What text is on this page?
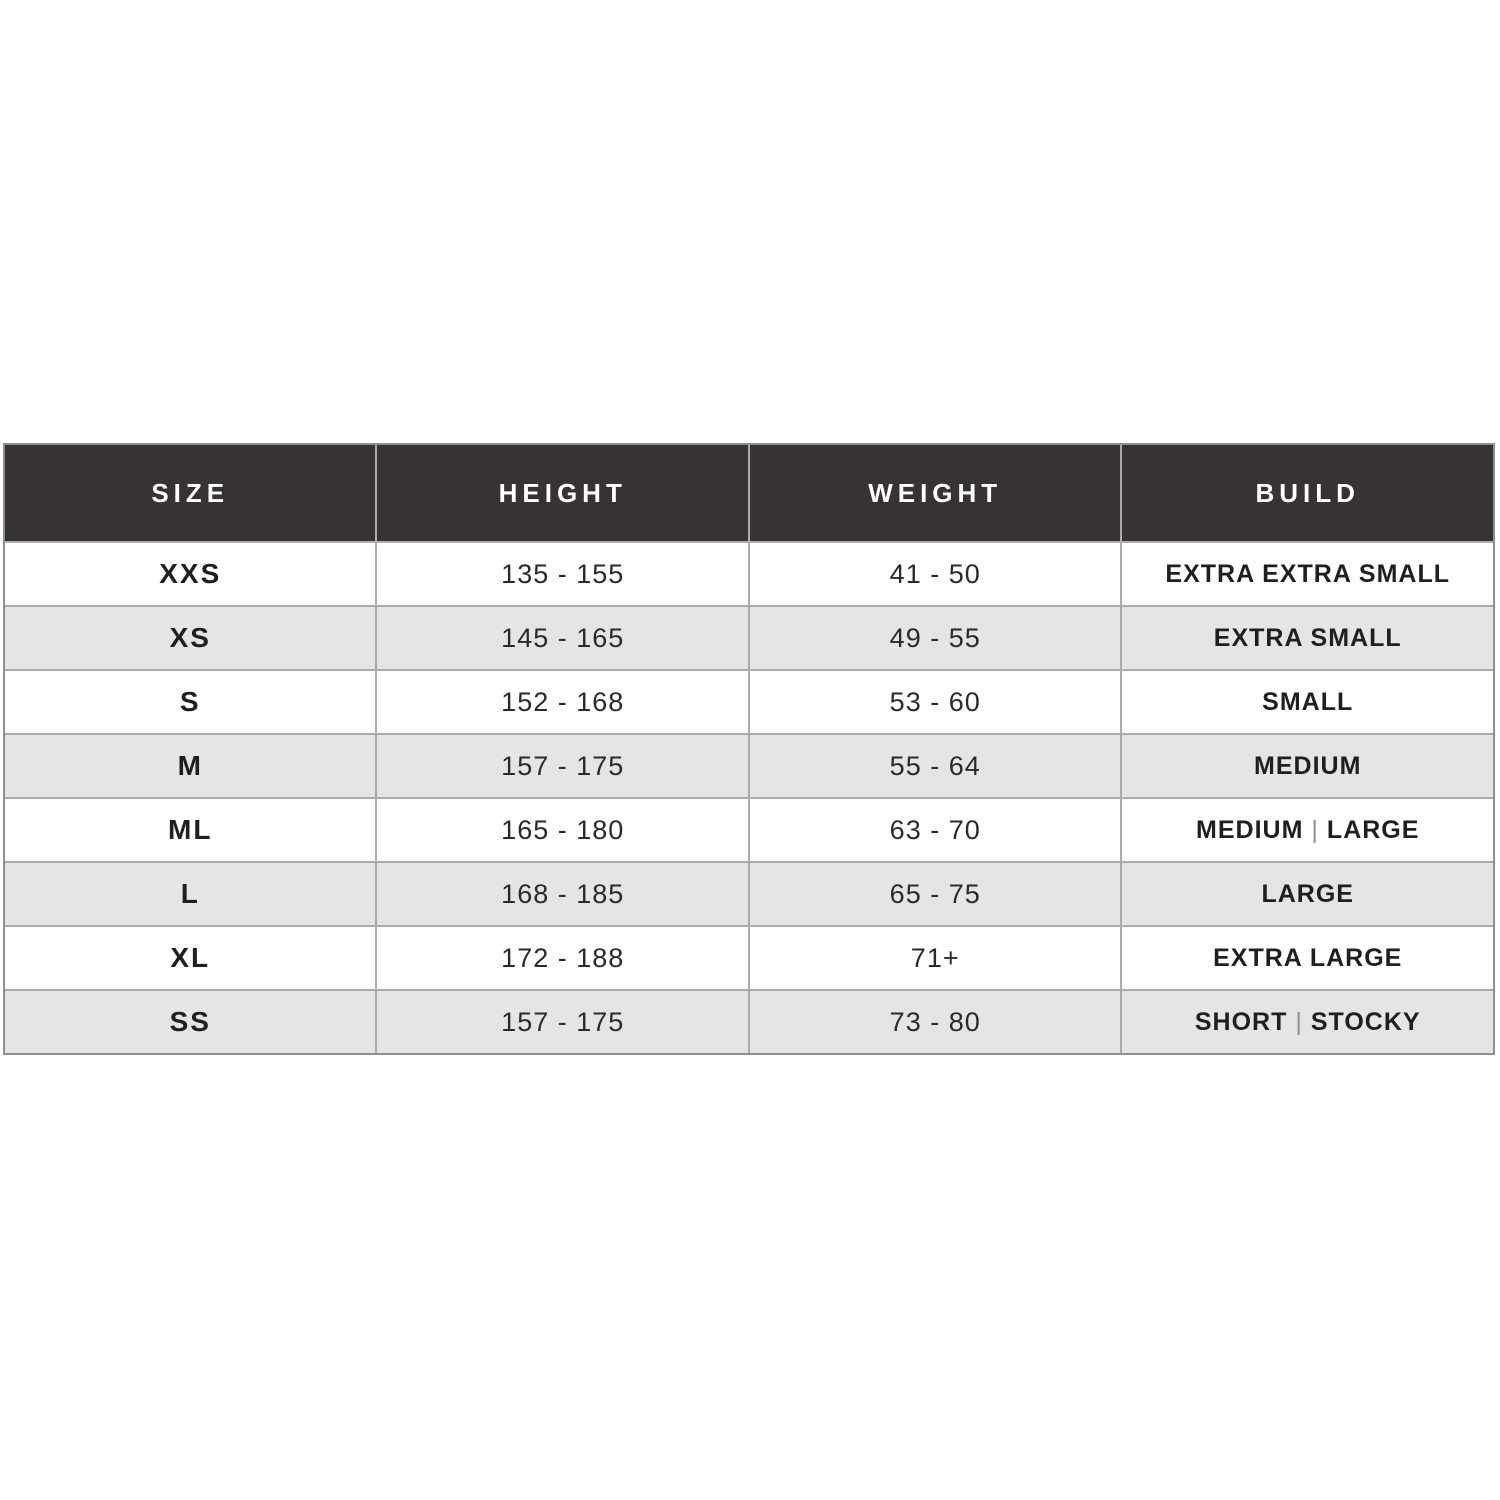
SIZE	HEIGHT	WEIGHT	BUILD
XXS	135 - 155	41 - 50	EXTRA EXTRA SMALL
XS	145 - 165	49 - 55	EXTRA SMALL
S	152 - 168	53 - 60	SMALL
M	157 - 175	55 - 64	MEDIUM
ML	165 - 180	63 - 70	MEDIUM | LARGE
L	168 - 185	65 - 75	LARGE
XL	172 - 188	71+	EXTRA LARGE
SS	157 - 175	73 - 80	SHORT | STOCKY
